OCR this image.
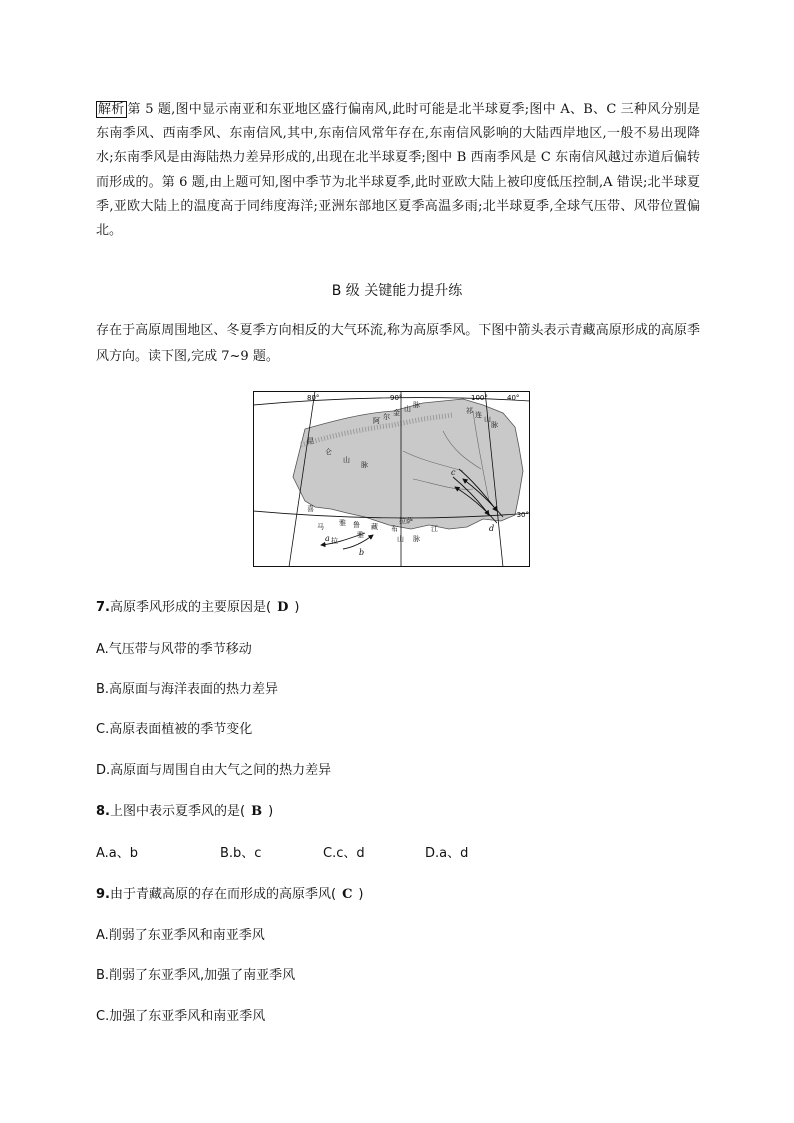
解析 第 5 题,图中显示南亚和东亚地区盛行偏南风,此时可能是北半球夏季;图中 A、B、C 三种风分别是东南季风、西南季风、东南信风,其中,东南信风常年存在,东南信风影响的大陆西岸地区,一般不易出现降水;东南季风是由海陆热力差异形成的,出现在北半球夏季;图中 B 西南季风是 C 东南信风越过赤道后偏转而形成的。第 6 题,由上题可知,图中季节为北半球夏季,此时亚欧大陆上被印度低压控制,A 错误;北半球夏季,亚欧大陆上的温度高于同纬度海洋;亚洲东部地区夏季高温多雨;北半球夏季,全球气压带、风带位置偏北。
B 级 关键能力提升练
存在于高原周围地区、冬夏季方向相反的大气环流,称为高原季风。下图中箭头表示青藏高原形成的高原季风方向。读下图,完成 7~9 题。
80°	90°	100°	40°
30°
阿 尔 金 山 脉
祁 连 山
脉
昆
仑
山
脉
雅 鲁 藏 布	江
喜
马
拉
雅	山 脉
拉萨
a
b
c
d
7.高原季风形成的主要原因是( D )
A.气压带与风带的季节移动
B.高原面与海洋表面的热力差异
C.高原表面植被的季节变化
D.高原面与周围自由大气之间的热力差异
8.上图中表示夏季风的是( B )
A.a、b	B.b、c	C.c、d	D.a、d
9.由于青藏高原的存在而形成的高原季风( C )
A.削弱了东亚季风和南亚季风
B.削弱了东亚季风,加强了南亚季风
C.加强了东亚季风和南亚季风
